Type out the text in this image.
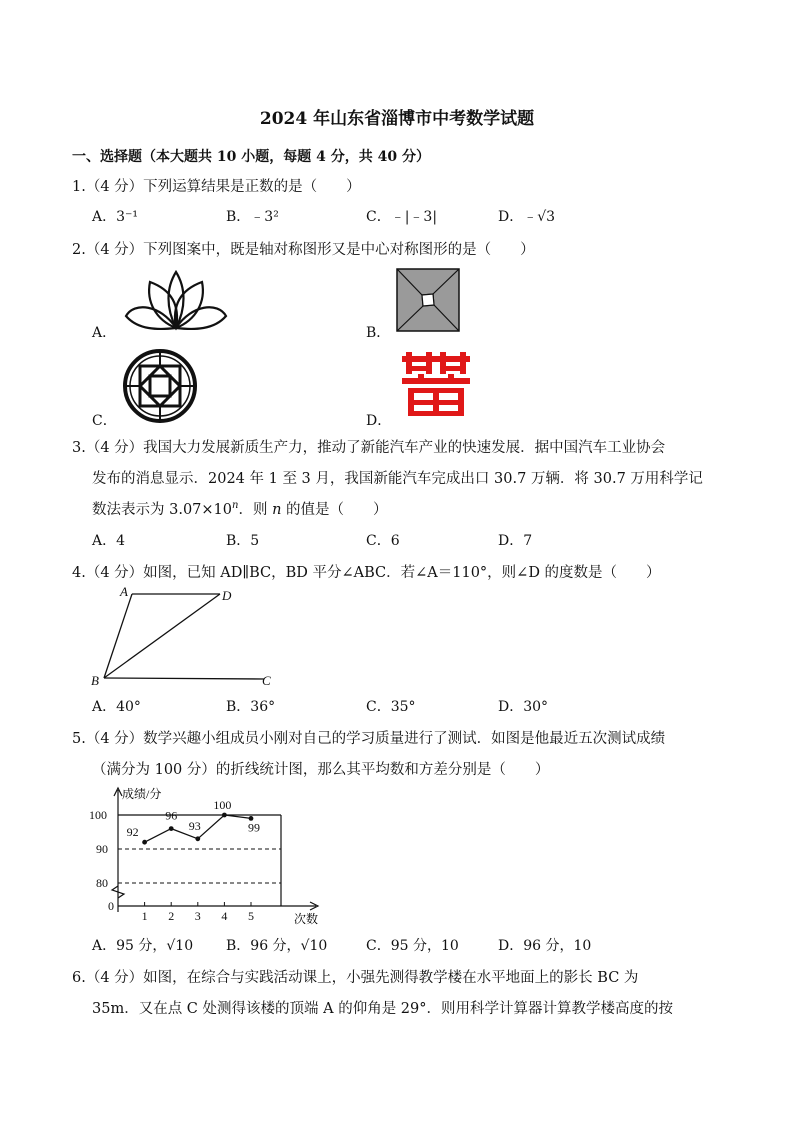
2024 年山东省淄博市中考数学试题
一、选择题（本大题共 10 小题，每题 4 分，共 40 分）
1.（4 分）下列运算结果是正数的是（　　）
A．3⁻¹	B．﹣3²	C．﹣|﹣3|	D．﹣√3
2.（4 分）下列图案中，既是轴对称图形又是中心对称图形的是（　　）
A．	B．
C．	D．
3.（4 分）我国大力发展新质生产力，推动了新能汽车产业的快速发展．据中国汽车工业协会
发布的消息显示．2024 年 1 至 3 月，我国新能汽车完成出口 30.7 万辆．将 30.7 万用科学记
数法表示为 $3.07\times 10^n$．则 n 的值是（　　）
A．4	B．5	C．6	D．7
4.（4 分）如图，已知 AD∥BC，BD 平分∠ABC．若∠A＝110°，则∠D 的度数是（　　）
A	D
B	C
A．40°	B．36°	C．35°	D．30°
5.（4 分）数学兴趣小组成员小刚对自己的学习质量进行了测试．如图是他最近五次测试成绩
（满分为 100 分）的折线统计图，那么其平均数和方差分别是（　　）
0
80
90
100
1 2 3 4 5
92
96
93
100
99
成绩/分
次数
A．95 分，√10 B．96 分，√10	C．95 分，10	D．96 分，10
6.（4 分）如图，在综合与实践活动课上，小强先测得教学楼在水平地面上的影长 BC 为
35m．又在点 C 处测得该楼的顶端 A 的仰角是 29°．则用科学计算器计算教学楼高度的按
